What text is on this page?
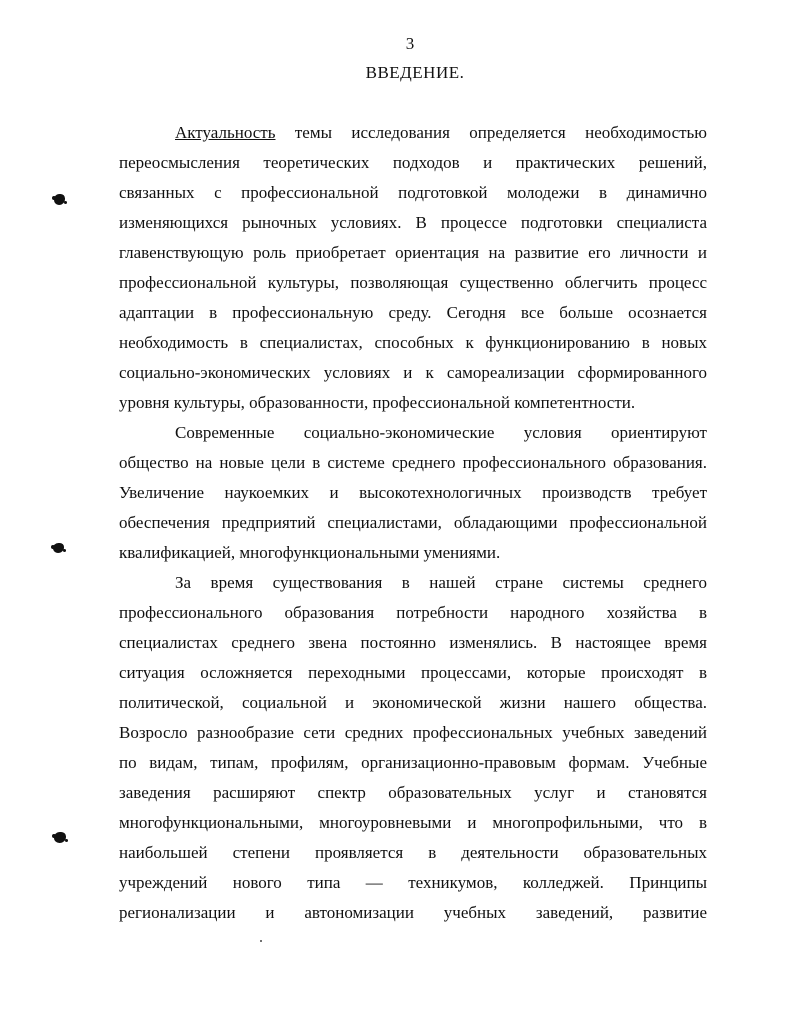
3
ВВЕДЕНИЕ.
Актуальность темы исследования определяется необходимостью
переосмысления теоретических подходов и практических решений,
связанных с профессиональной подготовкой молодежи в динамично
изменяющихся рыночных условиях. В процессе подготовки специалиста
главенствующую роль приобретает ориентация на развитие его личности и
профессиональной культуры, позволяющая существенно облегчить процесс
адаптации в профессиональную среду. Сегодня все больше осознается
необходимость в специалистах, способных к функционированию в новых
социально-экономических условиях и к самореализации сформированного
уровня культуры, образованности, профессиональной компетентности.
Современные социально-экономические условия ориентируют
общество на новые цели в системе среднего профессионального образования.
Увеличение наукоемких и высокотехнологичных производств требует
обеспечения предприятий специалистами, обладающими профессиональной
квалификацией, многофункциональными умениями.
За время существования в нашей стране системы среднего
профессионального образования потребности народного хозяйства в
специалистах среднего звена постоянно изменялись. В настоящее время
ситуация осложняется переходными процессами, которые происходят в
политической, социальной и экономической жизни нашего общества.
Возросло разнообразие сети средних профессиональных учебных заведений
по видам, типам, профилям, организационно-правовым формам. Учебные
заведения расширяют спектр образовательных услуг и становятся
многофункциональными, многоуровневыми и многопрофильными, что в
наибольшей степени проявляется в деятельности образовательных
учреждений нового типа — техникумов, колледжей. Принципы
регионализации и автономизации учебных заведений, развитие
